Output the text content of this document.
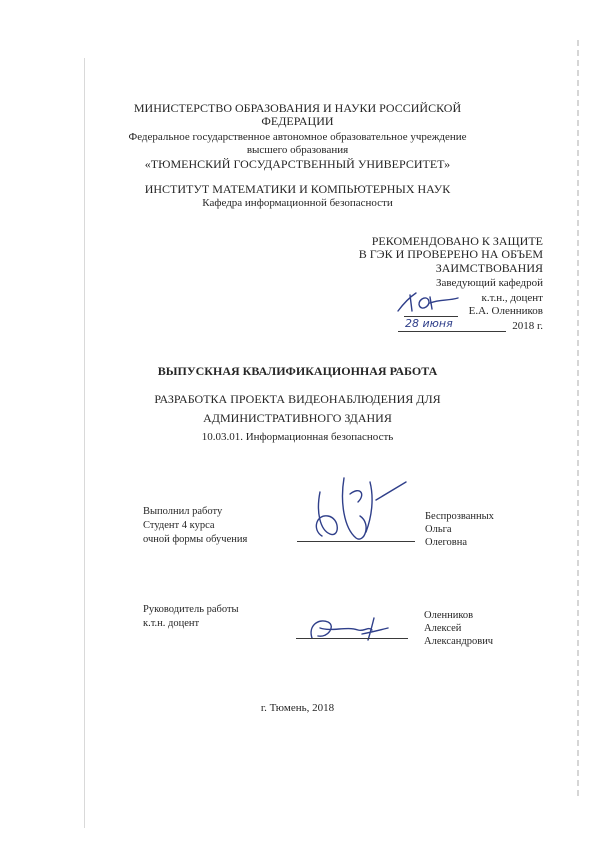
МИНИСТЕРСТВО ОБРАЗОВАНИЯ И НАУКИ РОССИЙСКОЙ
ФЕДЕРАЦИИ
Федеральное государственное автономное образовательное учреждение
высшего образования
«ТЮМЕНСКИЙ ГОСУДАРСТВЕННЫЙ УНИВЕРСИТЕТ»
ИНСТИТУТ МАТЕМАТИКИ И КОМПЬЮТЕРНЫХ НАУК
Кафедра информационной безопасности
РЕКОМЕНДОВАНО К ЗАЩИТЕ
В ГЭК И ПРОВЕРЕНО НА ОБЪЕМ
ЗАИМСТВОВАНИЯ
Заведующий кафедрой
к.т.н., доцент
Е.А. Оленников
28 июня	2018 г.
ВЫПУСКНАЯ КВАЛИФИКАЦИОННАЯ РАБОТА
РАЗРАБОТКА ПРОЕКТА ВИДЕОНАБЛЮДЕНИЯ ДЛЯ
АДМИНИСТРАТИВНОГО ЗДАНИЯ
10.03.01. Информационная безопасность
Выполнил работу
Студент 4 курса
очной формы обучения
Беспрозванных
Ольга
Олеговна
Руководитель работы
к.т.н. доцент
Оленников
Алексей
Александрович
г. Тюмень, 2018
